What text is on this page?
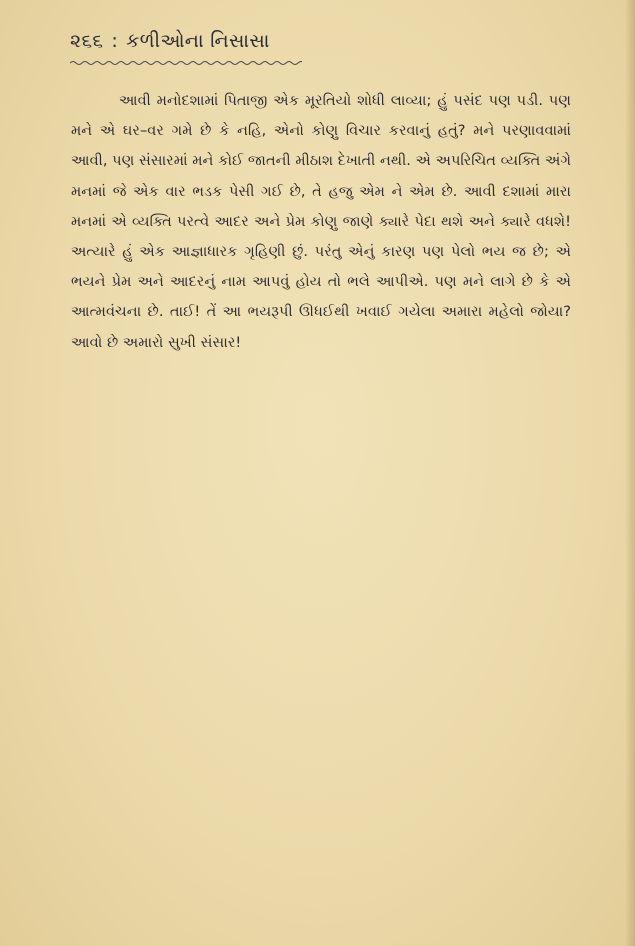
૨૬૬ : કળીઓના નિસાસા

આવી મનોદશામાં પિતાજી એક મૂરતિયો શોધી લાવ્યા; હું પસંદ પણ પડી. પણ મને એ ઘર–વર ગમે છે કે નહિ, એનો કોણુ વિચાર કરવાનું હતું? મને પરણાવવામાં આવી, પણ સંસારમાં મને કોઈ જાતની મીઠાશ દેખાતી નથી. એ અપરિચિત વ્યક્તિ અંગે મનમાં જે એક વાર ભડક પેસી ગઈ છે, તે હજુ એમ ને એમ છે. આવી દશામાં મારા મનમાં એ વ્યક્તિ પરત્વે આદર અને પ્રેમ કોણુ જાણે ક્યારે પેદા થશે અને ક્યારે વધશે! અત્યારે હું એક આજ્ઞાધારક ગૃહિણી છું. પરંતુ એનું કારણ પણ પેલો ભય જ છે; એ ભયને પ્રેમ અને આદરનું નામ આપવું હોય તો ભલે આપીએ. પણ મને લાગે છે કે એ આત્મવંચના છે. તાઈ! તેં આ ભયરૂપી ઊધઈથી ખવાઈ ગયેલા અમારા મહેલો જોયા? આવો છે અમારો સુખી સંસાર!
